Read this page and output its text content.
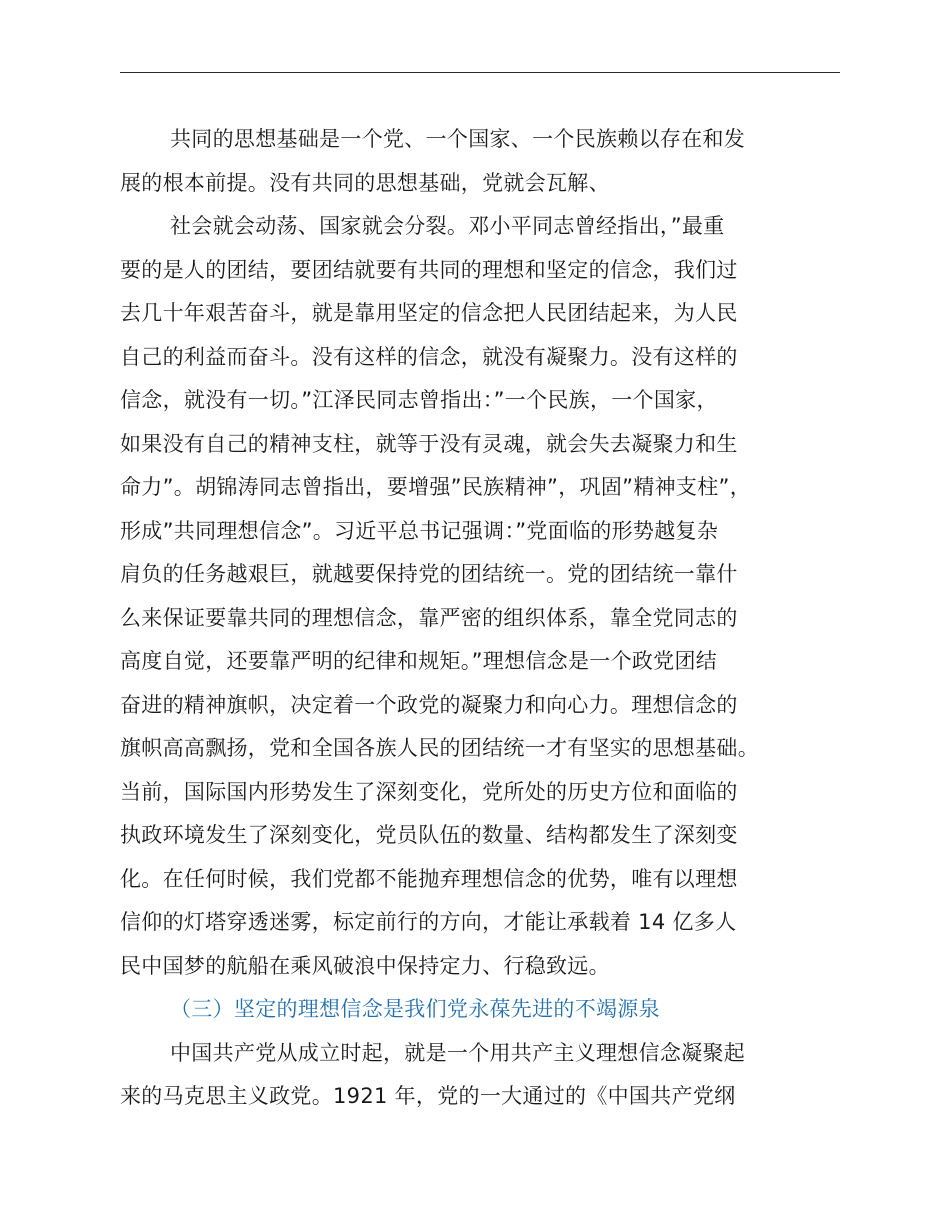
共同的思想基础是一个党、一个国家、一个民族赖以存在和发
展的根本前提。没有共同的思想基础，党就会瓦解、
社会就会动荡、国家就会分裂。邓小平同志曾经指出，”最重
要的是人的团结，要团结就要有共同的理想和坚定的信念，我们过
去几十年艰苦奋斗，就是靠用坚定的信念把人民团结起来，为人民
自己的利益而奋斗。没有这样的信念，就没有凝聚力。没有这样的
信念，就没有一切。”江泽民同志曾指出：”一个民族，一个国家，
如果没有自己的精神支柱，就等于没有灵魂，就会失去凝聚力和生
命力”。胡锦涛同志曾指出，要增强”民族精神”，巩固”精神支柱”，
形成”共同理想信念”。习近平总书记强调：”党面临的形势越复杂
肩负的任务越艰巨，就越要保持党的团结统一。党的团结统一靠什
么来保证要靠共同的理想信念，靠严密的组织体系，靠全党同志的
高度自觉，还要靠严明的纪律和规矩。”理想信念是一个政党团结
奋进的精神旗帜，决定着一个政党的凝聚力和向心力。理想信念的
旗帜高高飘扬，党和全国各族人民的团结统一才有坚实的思想基础。
当前，国际国内形势发生了深刻变化，党所处的历史方位和面临的
执政环境发生了深刻变化，党员队伍的数量、结构都发生了深刻变
化。在任何时候，我们党都不能抛弃理想信念的优势，唯有以理想
信仰的灯塔穿透迷雾，标定前行的方向，才能让承载着 14 亿多人
民中国梦的航船在乘风破浪中保持定力、行稳致远。
（三）坚定的理想信念是我们党永葆先进的不竭源泉
中国共产党从成立时起，就是一个用共产主义理想信念凝聚起
来的马克思主义政党。1921 年，党的一大通过的《中国共产党纲
